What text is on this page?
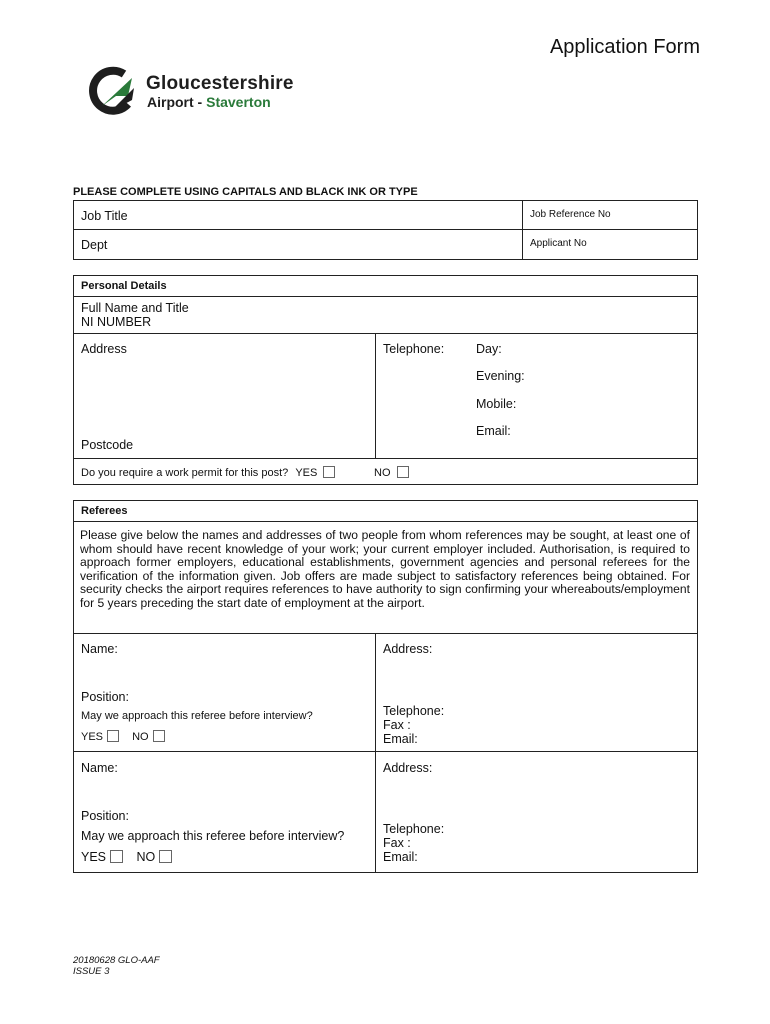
Application Form
Gloucestershire
Airport - Staverton
PLEASE COMPLETE USING CAPITALS AND BLACK INK OR TYPE
Job Title	Job Reference No
Dept	Applicant No
Personal Details
Full Name and Title
NI NUMBER
Address
Postcode
Telephone:	Day:
Evening:
Mobile:
Email:
Do you require a work permit for this post? YES	NO
Referees
Please give below the names and addresses of two people from whom references may be sought, at least one of whom should have recent knowledge of your work; your current employer included. Authorisation, is required to approach former employers, educational establishments, government agencies and personal referees for the verification of the information given. Job offers are made subject to satisfactory references being obtained. For security checks the airport requires references to have authority to sign confirming your whereabouts/employment for 5 years preceding the start date of employment at the airport.
Name:
Position:
May we approach this referee before interview?
YES	NO
Address:
Telephone:
Fax :
Email:
Name:
Position:
May we approach this referee before interview?
YES NO
Address:
Telephone:
Fax :
Email:
20180628 GLO-AAF
ISSUE 3
